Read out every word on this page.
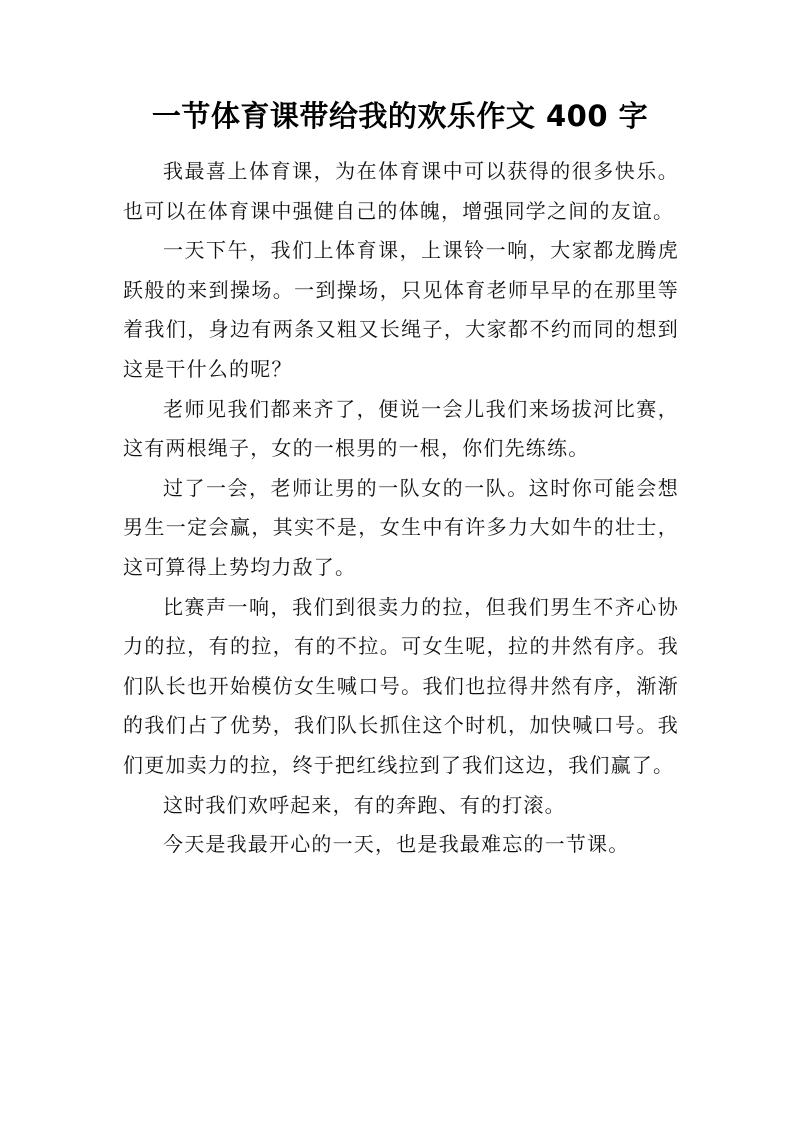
一节体育课带给我的欢乐作文 400 字

我最喜上体育课，为在体育课中可以获得的很多快乐。也可以在体育课中强健自己的体魄，增强同学之间的友谊。

一天下午，我们上体育课，上课铃一响，大家都龙腾虎跃般的来到操场。一到操场，只见体育老师早早的在那里等着我们，身边有两条又粗又长绳子，大家都不约而同的想到这是干什么的呢？

老师见我们都来齐了，便说一会儿我们来场拔河比赛，这有两根绳子，女的一根男的一根，你们先练练。

过了一会，老师让男的一队女的一队。这时你可能会想男生一定会赢，其实不是，女生中有许多力大如牛的壮士，这可算得上势均力敌了。

比赛声一响，我们到很卖力的拉，但我们男生不齐心协力的拉，有的拉，有的不拉。可女生呢，拉的井然有序。我们队长也开始模仿女生喊口号。我们也拉得井然有序，渐渐的我们占了优势，我们队长抓住这个时机，加快喊口号。我们更加卖力的拉，终于把红线拉到了我们这边，我们赢了。

这时我们欢呼起来，有的奔跑、有的打滚。

今天是我最开心的一天，也是我最难忘的一节课。
